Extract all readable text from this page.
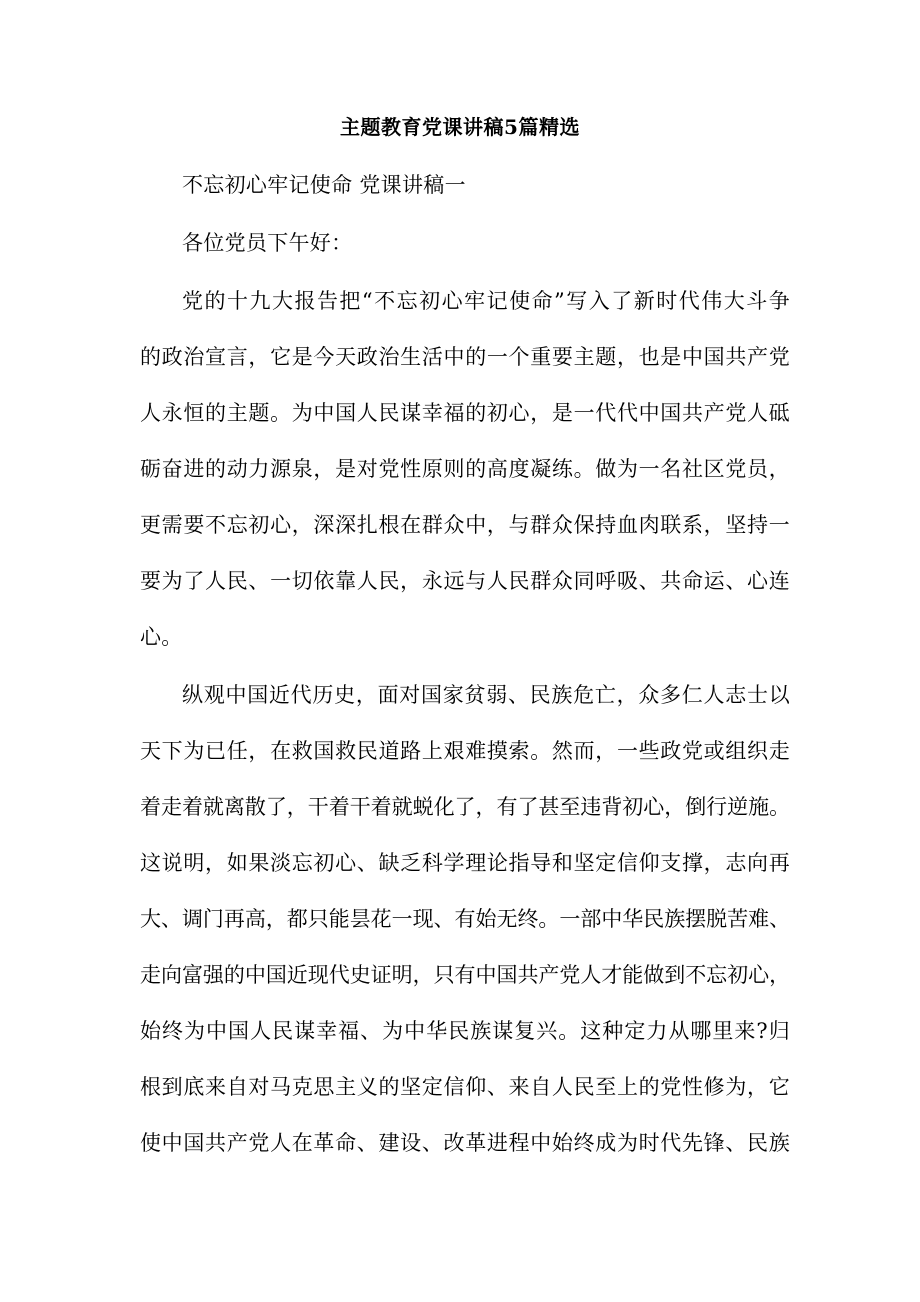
主题教育党课讲稿5篇精选
不忘初心牢记使命 党课讲稿一
各位党员下午好：
党的十九大报告把“不忘初心牢记使命”写入了新时代伟大斗争
的政治宣言，它是今天政治生活中的一个重要主题，也是中国共产党
人永恒的主题。为中国人民谋幸福的初心，是一代代中国共产党人砥
砺奋进的动力源泉，是对党性原则的高度凝练。做为一名社区党员，
更需要不忘初心，深深扎根在群众中，与群众保持血肉联系，坚持一
要为了人民、一切依靠人民，永远与人民群众同呼吸、共命运、心连
心。
纵观中国近代历史，面对国家贫弱、民族危亡，众多仁人志士以
天下为已任，在救国救民道路上艰难摸索。然而，一些政党或组织走
着走着就离散了，干着干着就蜕化了，有了甚至违背初心，倒行逆施。
这说明，如果淡忘初心、缺乏科学理论指导和坚定信仰支撑，志向再
大、调门再高，都只能昙花一现、有始无终。一部中华民族摆脱苦难、
走向富强的中国近现代史证明，只有中国共产党人才能做到不忘初心，
始终为中国人民谋幸福、为中华民族谋复兴。这种定力从哪里来?归
根到底来自对马克思主义的坚定信仰、来自人民至上的党性修为，它
使中国共产党人在革命、建设、改革进程中始终成为时代先锋、民族
